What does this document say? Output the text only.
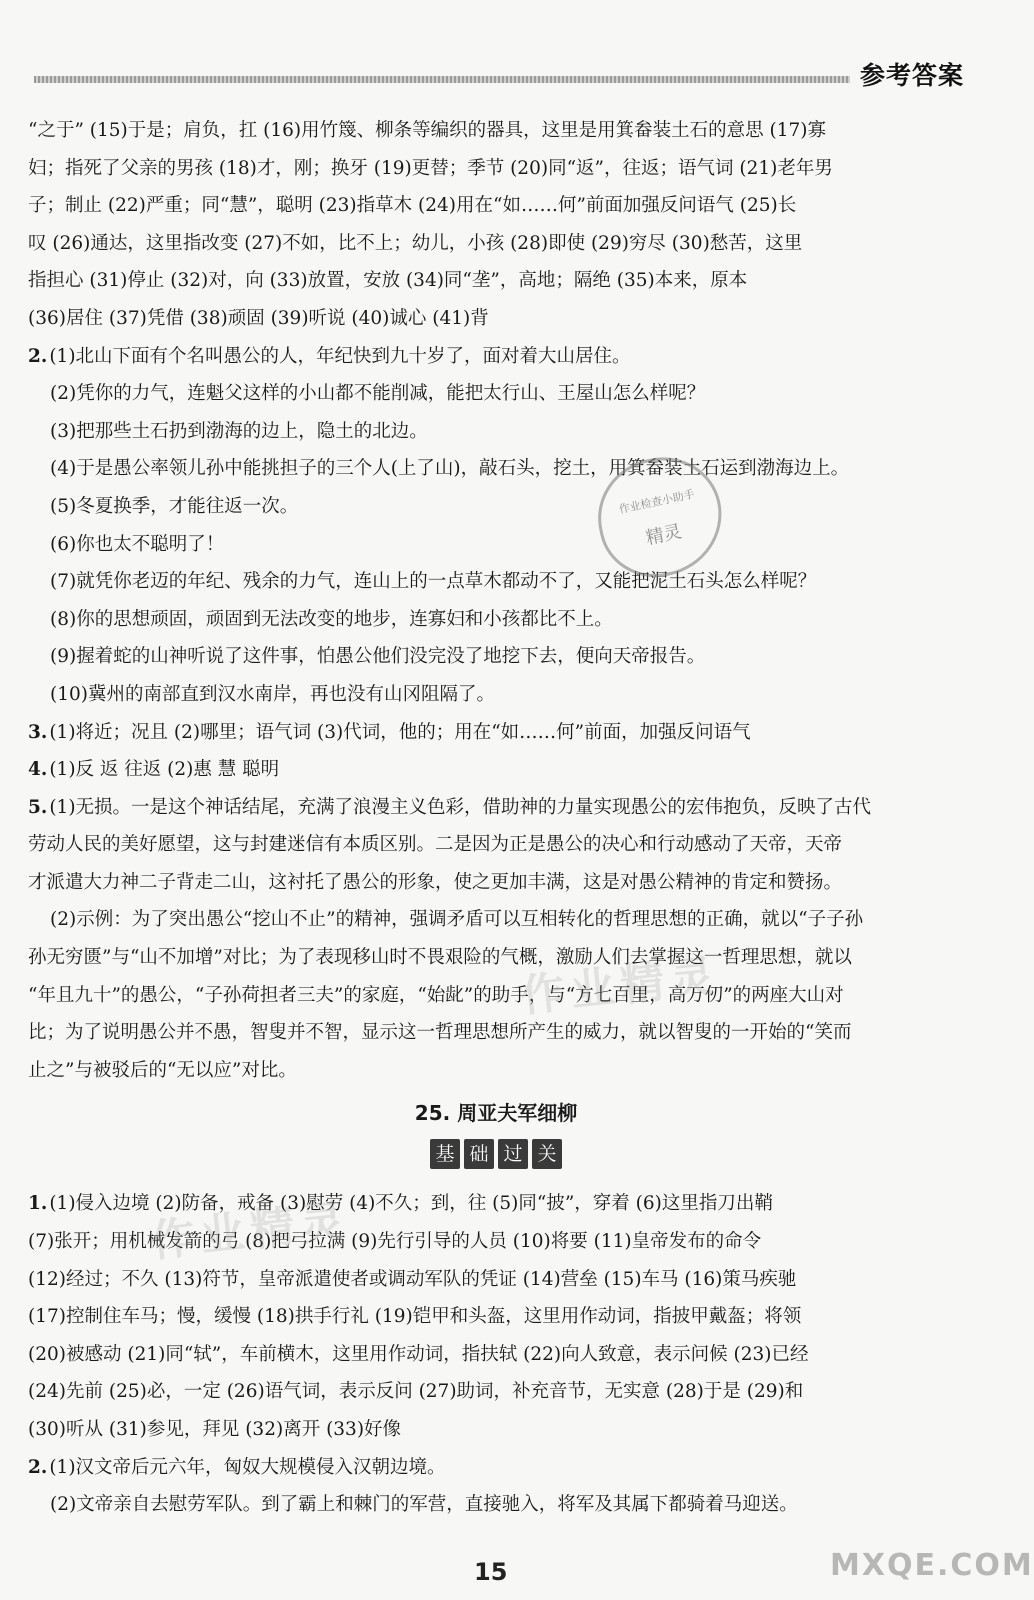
参考答案
“之于” (15)于是；肩负，扛 (16)用竹篾、柳条等编织的器具，这里是用箕畚装土石的意思 (17)寡
妇；指死了父亲的男孩 (18)才，刚；换牙 (19)更替；季节 (20)同“返”，往返；语气词 (21)老年男
子；制止 (22)严重；同“慧”，聪明 (23)指草木 (24)用在“如……何”前面加强反问语气 (25)长
叹 (26)通达，这里指改变 (27)不如，比不上；幼儿，小孩 (28)即使 (29)穷尽 (30)愁苦，这里
指担心 (31)停止 (32)对，向 (33)放置，安放 (34)同“垄”，高地；隔绝 (35)本来，原本
(36)居住 (37)凭借 (38)顽固 (39)听说 (40)诚心 (41)背
2. (1)北山下面有个名叫愚公的人，年纪快到九十岁了，面对着大山居住。
(2)凭你的力气，连魁父这样的小山都不能削减，能把太行山、王屋山怎么样呢？
(3)把那些土石扔到渤海的边上，隐土的北边。
(4)于是愚公率领儿孙中能挑担子的三个人(上了山)，敲石头，挖土，用箕畚装土石运到渤海边上。
(5)冬夏换季，才能往返一次。
(6)你也太不聪明了！
(7)就凭你老迈的年纪、残余的力气，连山上的一点草木都动不了，又能把泥土石头怎么样呢？
(8)你的思想顽固，顽固到无法改变的地步，连寡妇和小孩都比不上。
(9)握着蛇的山神听说了这件事，怕愚公他们没完没了地挖下去，便向天帝报告。
(10)冀州的南部直到汉水南岸，再也没有山冈阻隔了。
3. (1)将近；况且 (2)哪里；语气词 (3)代词，他的；用在“如……何”前面，加强反问语气
4. (1)反 返 往返 (2)惠 慧 聪明
5. (1)无损。一是这个神话结尾，充满了浪漫主义色彩，借助神的力量实现愚公的宏伟抱负，反映了古代
劳动人民的美好愿望，这与封建迷信有本质区别。二是因为正是愚公的决心和行动感动了天帝，天帝
才派遣大力神二子背走二山，这衬托了愚公的形象，使之更加丰满，这是对愚公精神的肯定和赞扬。
(2)示例：为了突出愚公“挖山不止”的精神，强调矛盾可以互相转化的哲理思想的正确，就以“子子孙
孙无穷匮”与“山不加增”对比；为了表现移山时不畏艰险的气概，激励人们去掌握这一哲理思想，就以
“年且九十”的愚公，“子孙荷担者三夫”的家庭，“始龀”的助手，与“方七百里，高万仞”的两座大山对
比；为了说明愚公并不愚，智叟并不智，显示这一哲理思想所产生的威力，就以智叟的一开始的“笑而
止之”与被驳后的“无以应”对比。
25. 周亚夫军细柳
基 础 过 关
1. (1)侵入边境 (2)防备，戒备 (3)慰劳 (4)不久；到，往 (5)同“披”，穿着 (6)这里指刀出鞘
(7)张开；用机械发箭的弓 (8)把弓拉满 (9)先行引导的人员 (10)将要 (11)皇帝发布的命令
(12)经过；不久 (13)符节，皇帝派遣使者或调动军队的凭证 (14)营垒 (15)车马 (16)策马疾驰
(17)控制住车马；慢，缓慢 (18)拱手行礼 (19)铠甲和头盔，这里用作动词，指披甲戴盔；将领
(20)被感动 (21)同“轼”，车前横木，这里用作动词，指扶轼 (22)向人致意，表示问候 (23)已经
(24)先前 (25)必，一定 (26)语气词，表示反问 (27)助词，补充音节，无实意 (28)于是 (29)和
(30)听从 (31)参见，拜见 (32)离开 (33)好像
2. (1)汉文帝后元六年，匈奴大规模侵入汉朝边境。
(2)文帝亲自去慰劳军队。到了霸上和棘门的军营，直接驰入，将军及其属下都骑着马迎送。
作业检查小助手
精灵
作业精灵
作业精灵
15	MXQE.COM
